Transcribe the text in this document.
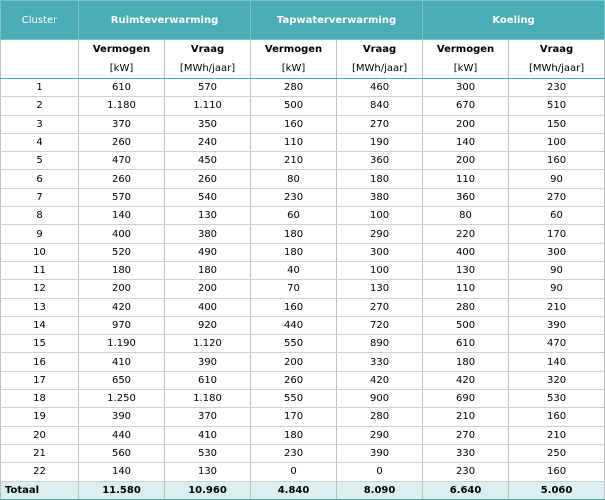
Cluster	Ruimteverwarming		Tapwaterverwarming		Koeling	
	Vermogen	Vraag	Vermogen	Vraag	Vermogen	Vraag
	[kW]	[MWh/jaar]	[kW]	[MWh/jaar]	[kW]	[MWh/jaar]
1	610	570	280	460	300	230
2	1.180	1.110	500	840	670	510
3	370	350	160	270	200	150
4	260	240	110	190	140	100
5	470	450	210	360	200	160
6	260	260	80	180	110	90
7	570	540	230	380	360	270
8	140	130	60	100	80	60
9	400	380	180	290	220	170
10	520	490	180	300	400	300
11	180	180	40	100	130	90
12	200	200	70	130	110	90
13	420	400	160	270	280	210
14	970	920	440	720	500	390
15	1.190	1.120	550	890	610	470
16	410	390	200	330	180	140
17	650	610	260	420	420	320
18	1.250	1.180	550	900	690	530
19	390	370	170	280	210	160
20	440	410	180	290	270	210
21	560	530	230	390	330	250
22	140	130	0	0	230	160
Totaal	11.580	10.960	4.840	8.090	6.640	5.060
